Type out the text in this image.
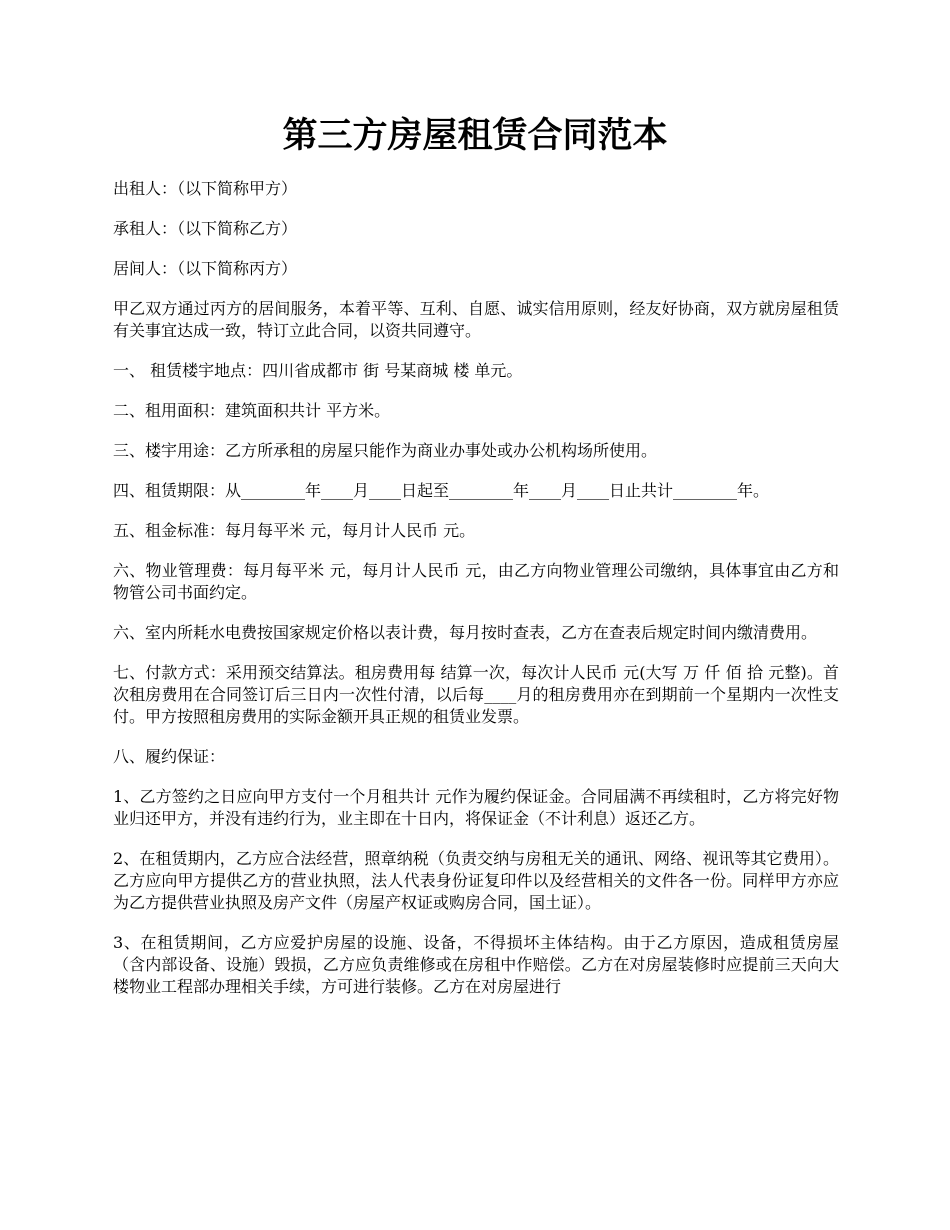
第三方房屋租赁合同范本

出租人：（以下简称甲方）

承租人：（以下简称乙方）

居间人：（以下简称丙方）

甲乙双方通过丙方的居间服务，本着平等、互利、自愿、诚实信用原则，经友好协商，双方就房屋租赁有关事宜达成一致，特订立此合同，以资共同遵守。

一、 租赁楼宇地点：四川省成都市 街 号某商城 楼 单元。

二、租用面积：建筑面积共计 平方米。

三、楼宇用途：乙方所承租的房屋只能作为商业办事处或办公机构场所使用。

四、租赁期限：从________年____月____日起至________年____月____日止共计________年。

五、租金标准：每月每平米 元，每月计人民币 元。

六、物业管理费：每月每平米 元，每月计人民币 元，由乙方向物业管理公司缴纳，具体事宜由乙方和物管公司书面约定。

六、室内所耗水电费按国家规定价格以表计费，每月按时查表，乙方在查表后规定时间内缴清费用。

七、付款方式：采用预交结算法。租房费用每 结算一次，每次计人民币 元(大写 万 仟 佰 拾 元整)。首次租房费用在合同签订后三日内一次性付清，以后每____月的租房费用亦在到期前一个星期内一次性支付。甲方按照租房费用的实际金额开具正规的租赁业发票。

八、履约保证：

1、乙方签约之日应向甲方支付一个月租共计 元作为履约保证金。合同届满不再续租时，乙方将完好物业归还甲方，并没有违约行为，业主即在十日内，将保证金（不计利息）返还乙方。

2、在租赁期内，乙方应合法经营，照章纳税（负责交纳与房租无关的通讯、网络、视讯等其它费用）。乙方应向甲方提供乙方的营业执照，法人代表身份证复印件以及经营相关的文件各一份。同样甲方亦应为乙方提供营业执照及房产文件（房屋产权证或购房合同，国土证）。

3、在租赁期间，乙方应爱护房屋的设施、设备，不得损坏主体结构。由于乙方原因，造成租赁房屋（含内部设备、设施）毁损，乙方应负责维修或在房租中作赔偿。乙方在对房屋装修时应提前三天向大楼物业工程部办理相关手续，方可进行装修。乙方在对房屋进行
